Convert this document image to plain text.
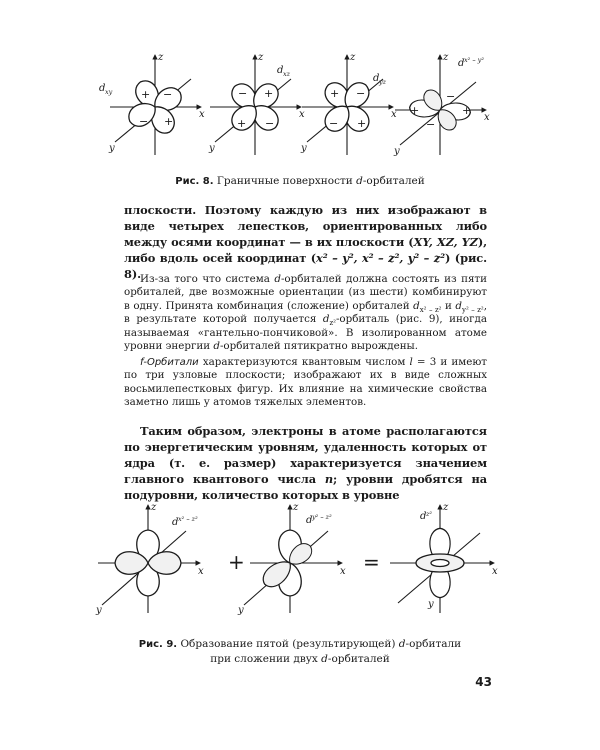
+ −
− +
z
x
y
d xy	− +
+ −
z
x
y
d xz
+ −
− +
z
x
y
d yz
+	+
−
−
z
x
y
d x² – y²
Рис. 8. Граничные поверхности d-орбиталей
плоскости. Поэтому каждую из них изображают в виде четырех лепестков, ориентированных либо между осями координат — в их плоскости (XY, XZ, YZ), либо вдоль осей координат (x² – y², x² – z², y² – z²) (рис. 8). Из-за того что система d-орбиталей должна состоять из пяти орбиталей, две возможные ориентации (из шести) комбинируют в одну. Принята комбинация (сложение) орбиталей $d_{x^2 - z^2}$ и $d_{y^2 - z^2}$, в результате которой получается $d_{z^2}$-орбиталь (рис. 9), иногда называемая «гантельно-пончиковой». В изолированном атоме уровни энергии d-орбиталей пятикратно вырождены.
f-Орбитали характеризуются квантовым числом l = 3 и имеют по три узловые плоскости; изображают их в виде сложных восьмилепестковых фигур. Их влияние на химические свойства заметно лишь у атомов тяжелых элементов.
Таким образом, электроны в атоме располагаются по энергетическим уровням, удаленность которых от ядра (т. е. размер) характеризуется значением главного квантового числа n; уровни дробятся на подуровни, количество которых в уровне
z
x
y
d x² – z²
+
z
x
y
d y² – z²
=
z
x
y
d z²
Рис. 9. Образование пятой (результирующей) d-орбитали
при сложении двух d-орбиталей
43
